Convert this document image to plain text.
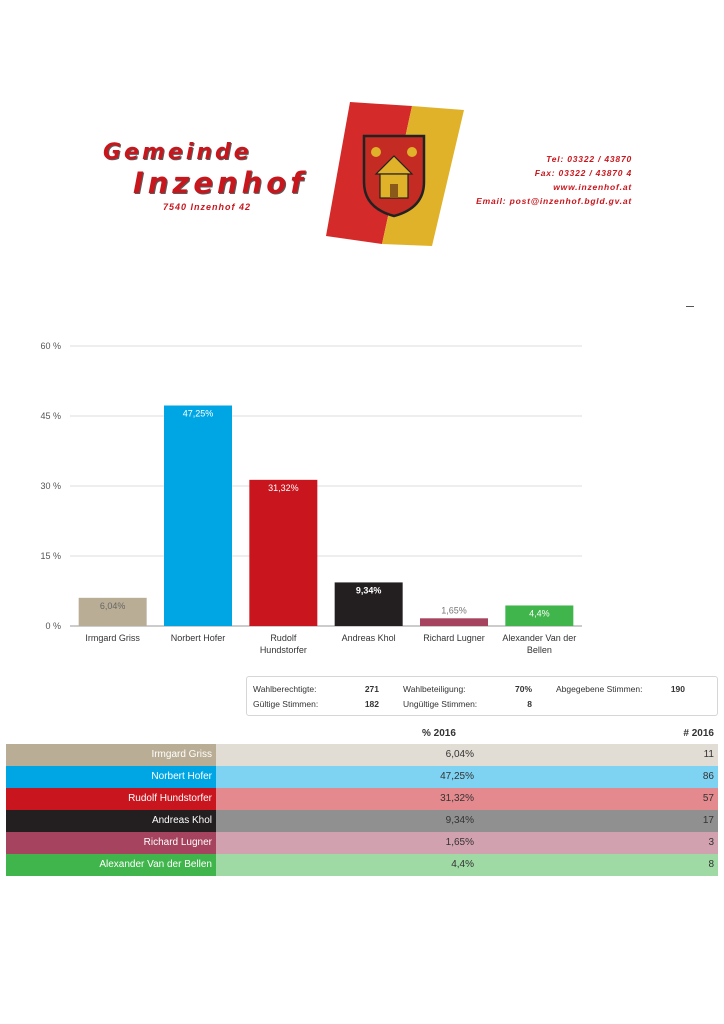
Gemeinde
Inzenhof
7540 Inzenhof 42
Tel: 03322 / 43870
Fax: 03322 / 43870 4
www.inzenhof.at
Email: post@inzenhof.bgld.gv.at
0 %
15 %
30 %
45 %
60 %
6,04%
Irmgard Griss
47,25%
Norbert Hofer
31,32%
Rudolf
Hundstorfer
9,34%
Andreas Khol
1,65%
Richard Lugner
4,4%
Alexander Van der
Bellen
Wahlberechtigte:	271
Gültige Stimmen:	182
Wahlbeteiligung:	70%
Ungültige Stimmen:	8
Abgegebene Stimmen:	190
% 2016	# 2016
Irmgard Griss	6,04%	11
Norbert Hofer	47,25%	86
Rudolf Hundstorfer	31,32%	57
Andreas Khol	9,34%	17
Richard Lugner	1,65%	3
Alexander Van der Bellen	4,4%	8
